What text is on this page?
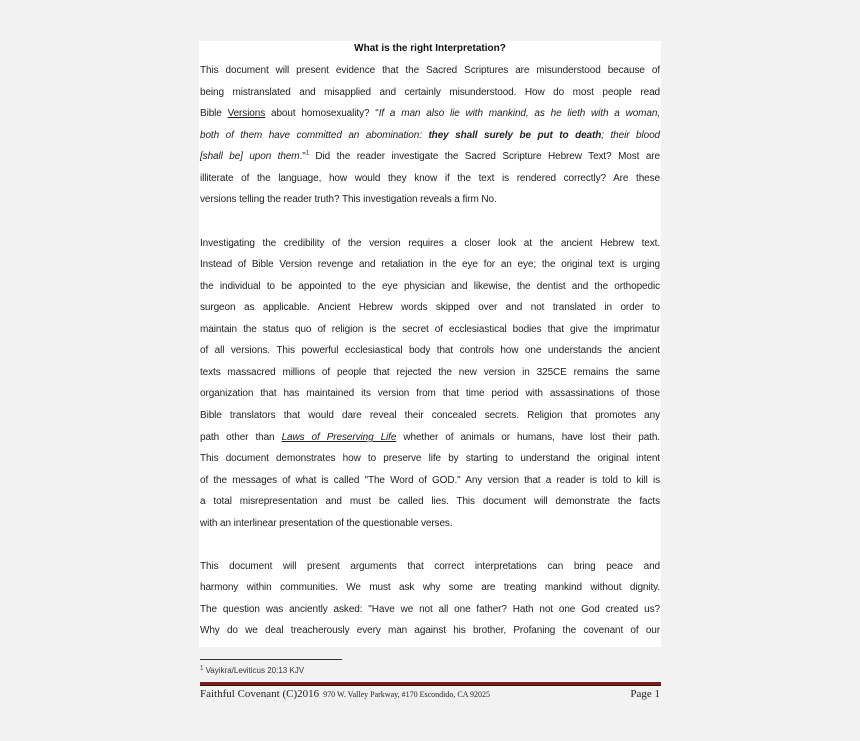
What is the right Interpretation?
This document will present evidence that the Sacred Scriptures are misunderstood because of
being mistranslated and misapplied and certainly misunderstood. How do most people read
Bible Versions about homosexuality? "If a man also lie with mankind, as he lieth with a woman,
both of them have committed an abomination: they shall surely be put to death; their blood
[shall be] upon them."$^1$ Did the reader investigate the Sacred Scripture Hebrew Text? Most are
illiterate of the language, how would they know if the text is rendered correctly? Are these
versions telling the reader truth? This investigation reveals a firm No.
Investigating the credibility of the version requires a closer look at the ancient Hebrew text.
Instead of Bible Version revenge and retaliation in the eye for an eye; the original text is urging
the individual to be appointed to the eye physician and likewise, the dentist and the orthopedic
surgeon as applicable. Ancient Hebrew words skipped over and not translated in order to
maintain the status quo of religion is the secret of ecclesiastical bodies that give the imprimatur
of all versions. This powerful ecclesiastical body that controls how one understands the ancient
texts massacred millions of people that rejected the new version in 325CE remains the same
organization that has maintained its version from that time period with assassinations of those
Bible translators that would dare reveal their concealed secrets. Religion that promotes any
path other than Laws of Preserving Life whether of animals or humans, have lost their path.
This document demonstrates how to preserve life by starting to understand the original intent
of the messages of what is called "The Word of GOD." Any version that a reader is told to kill is
a total misrepresentation and must be called lies. This document will demonstrate the facts
with an interlinear presentation of the questionable verses.
This document will present arguments that correct interpretations can bring peace and
harmony within communities. We must ask why some are treating mankind without dignity.
The question was anciently asked: "Have we not all one father? Hath not one God created us?
Why do we deal treacherously every man against his brother, Profaning the covenant of our
$^1$ Vayikra/Leviticus 20:13 KJV
Faithful Covenant (C)2016 970 W. Valley Parkway, #170 Escondido, CA 92025	Page 1
